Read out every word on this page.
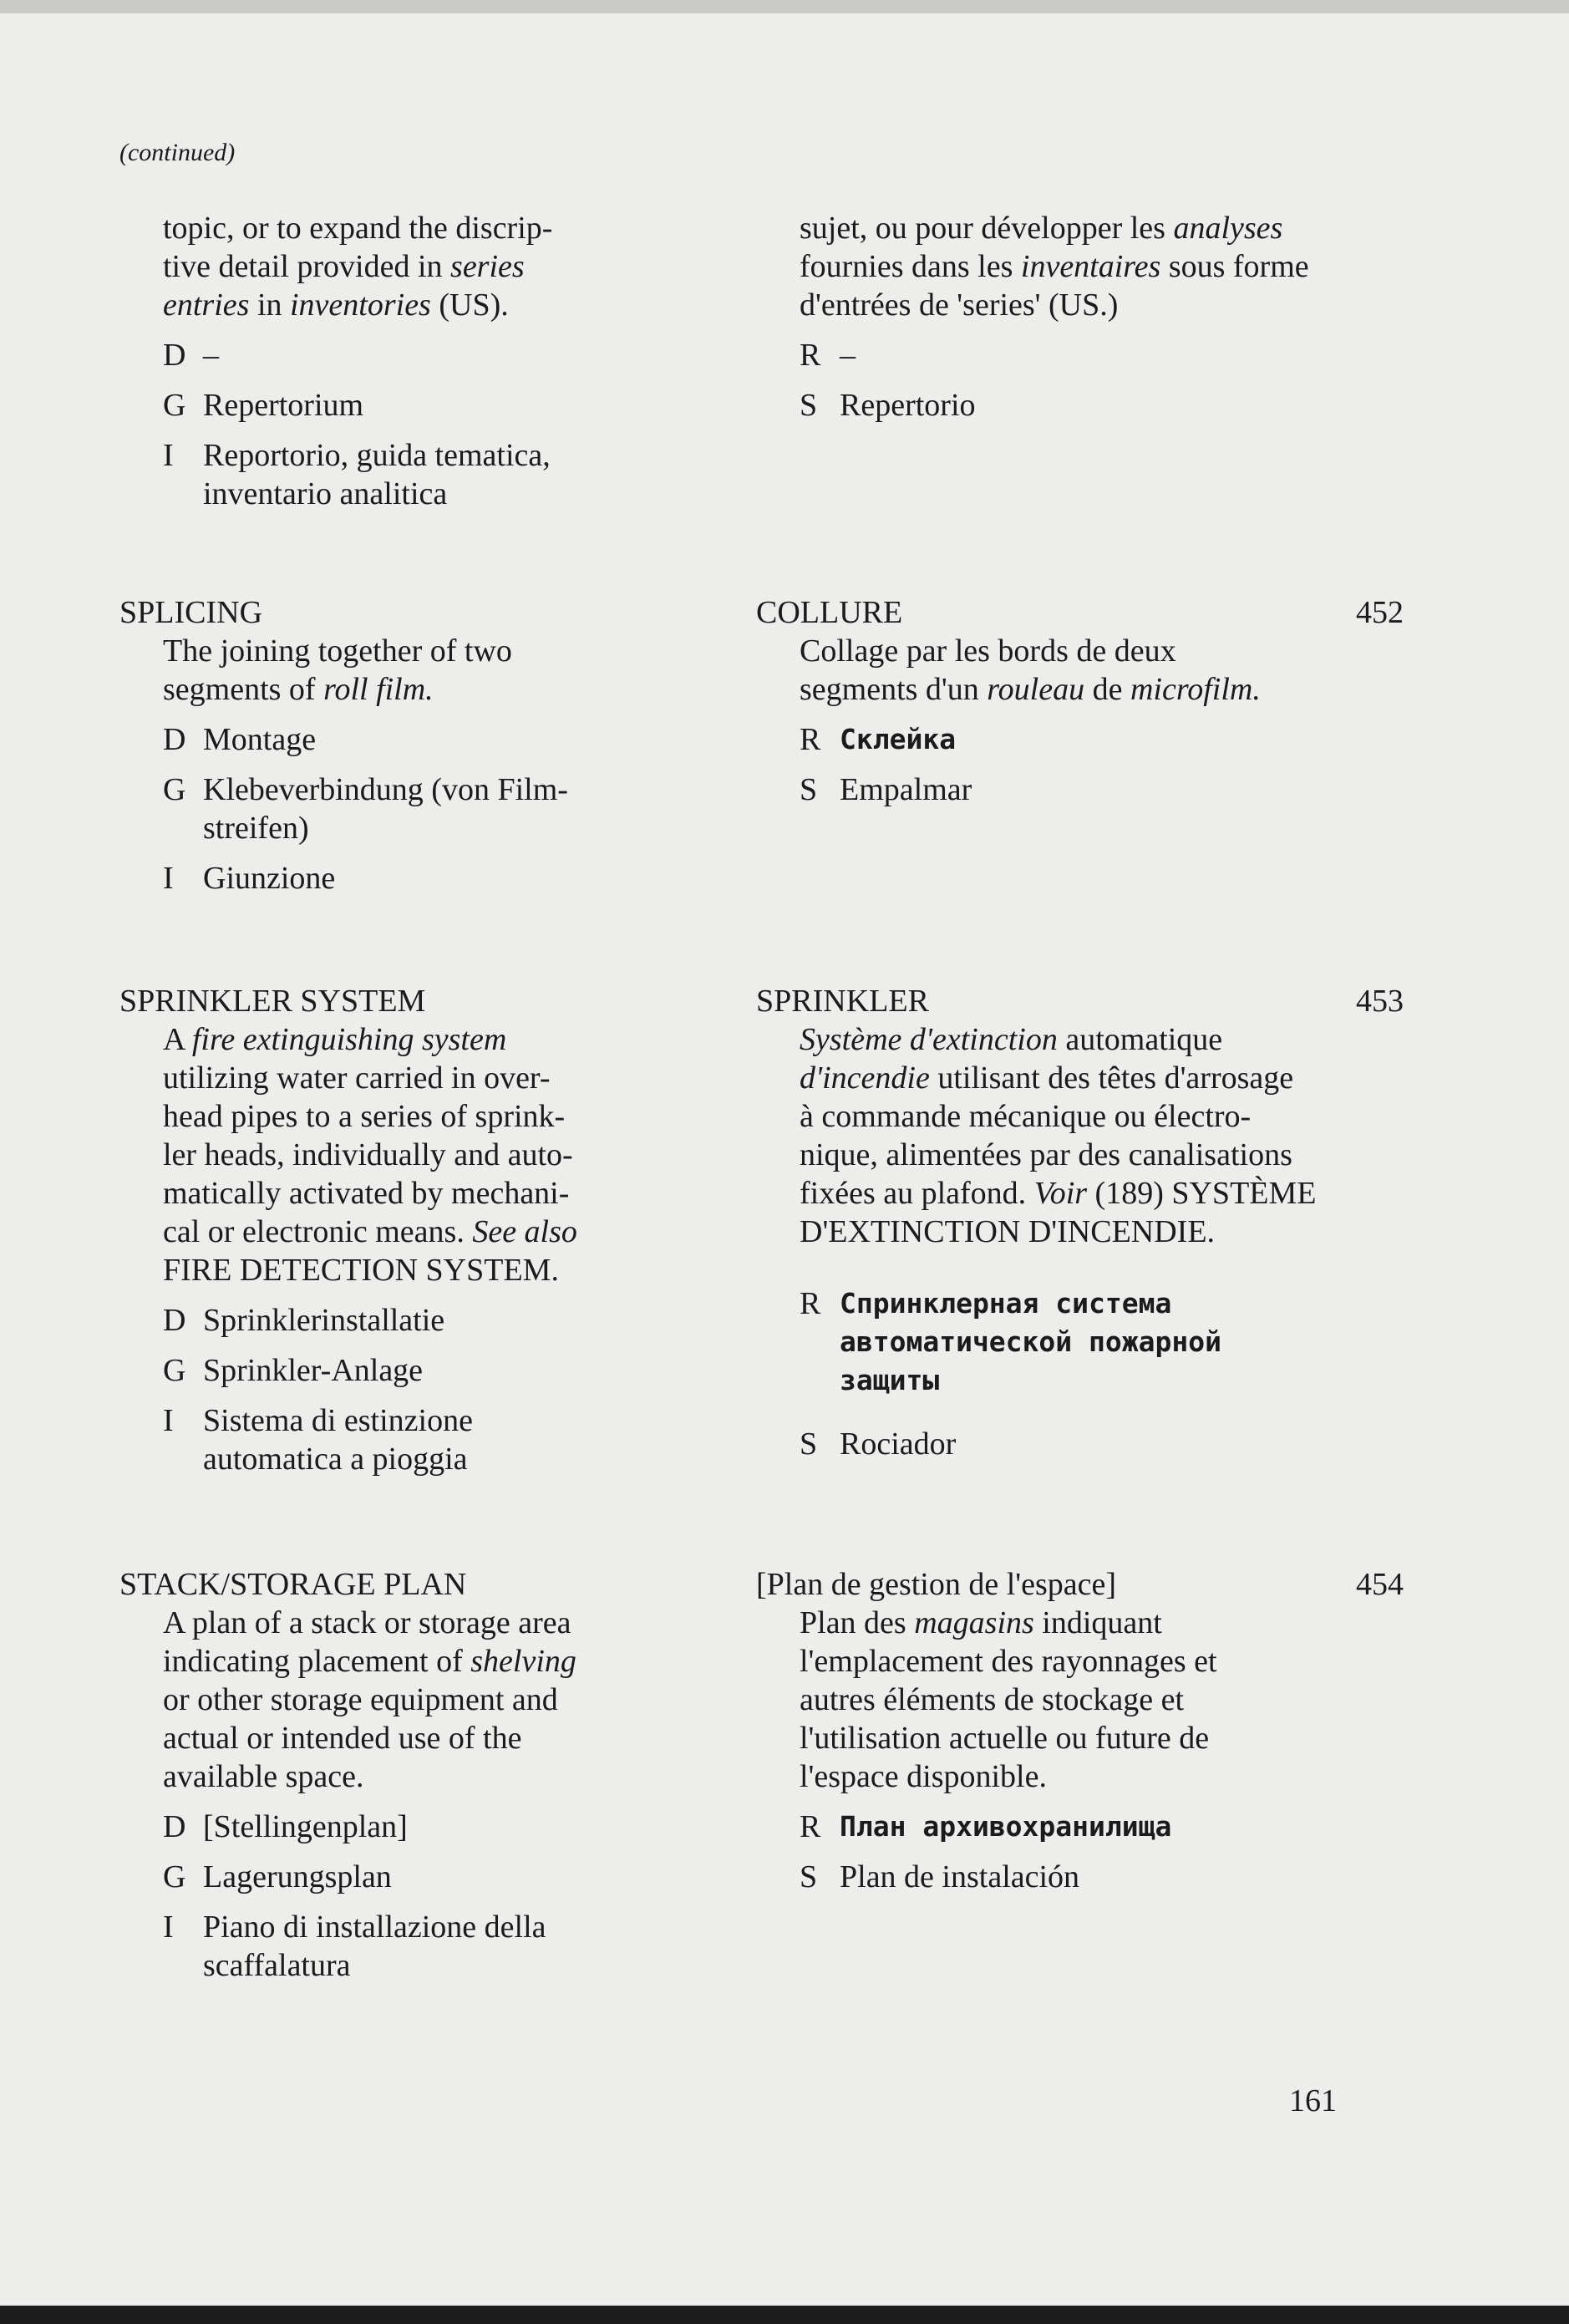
(continued)
topic, or to expand the discrip-
tive detail provided in series
entries in inventories (US).
D –
G Repertorium
I Reportorio, guida tematica,
inventario analitica
sujet, ou pour développer les analyses
fournies dans les inventaires sous forme
d'entrées de 'series' (US.)
R –
S Repertorio
SPLICING
The joining together of two
segments of roll film.
D Montage
G Klebeverbindung (von Film-
streifen)
I Giunzione
COLLURE
Collage par les bords de deux
segments d'un rouleau de microfilm.
R Склейка
S Empalmar
452
SPRINKLER SYSTEM
A fire extinguishing system
utilizing water carried in over-
head pipes to a series of sprink-
ler heads, individually and auto-
matically activated by mechani-
cal or electronic means. See also
FIRE DETECTION SYSTEM.
D Sprinklerinstallatie
G Sprinkler-Anlage
I Sistema di estinzione
automatica a pioggia
SPRINKLER
Système d'extinction automatique
d'incendie utilisant des têtes d'arrosage
à commande mécanique ou électro-
nique, alimentées par des canalisations
fixées au plafond. Voir (189) SYSTÈME
D'EXTINCTION D'INCENDIE.
R Спринклерная система
автоматической пожарной
защиты
S Rociador
453
STACK/STORAGE PLAN
A plan of a stack or storage area
indicating placement of shelving
or other storage equipment and
actual or intended use of the
available space.
D [Stellingenplan]
G Lagerungsplan
I Piano di installazione della
scaffalatura
[Plan de gestion de l'espace]
Plan des magasins indiquant
l'emplacement des rayonnages et
autres éléments de stockage et
l'utilisation actuelle ou future de
l'espace disponible.
R План архивохранилища
S Plan de instalación
454
161
